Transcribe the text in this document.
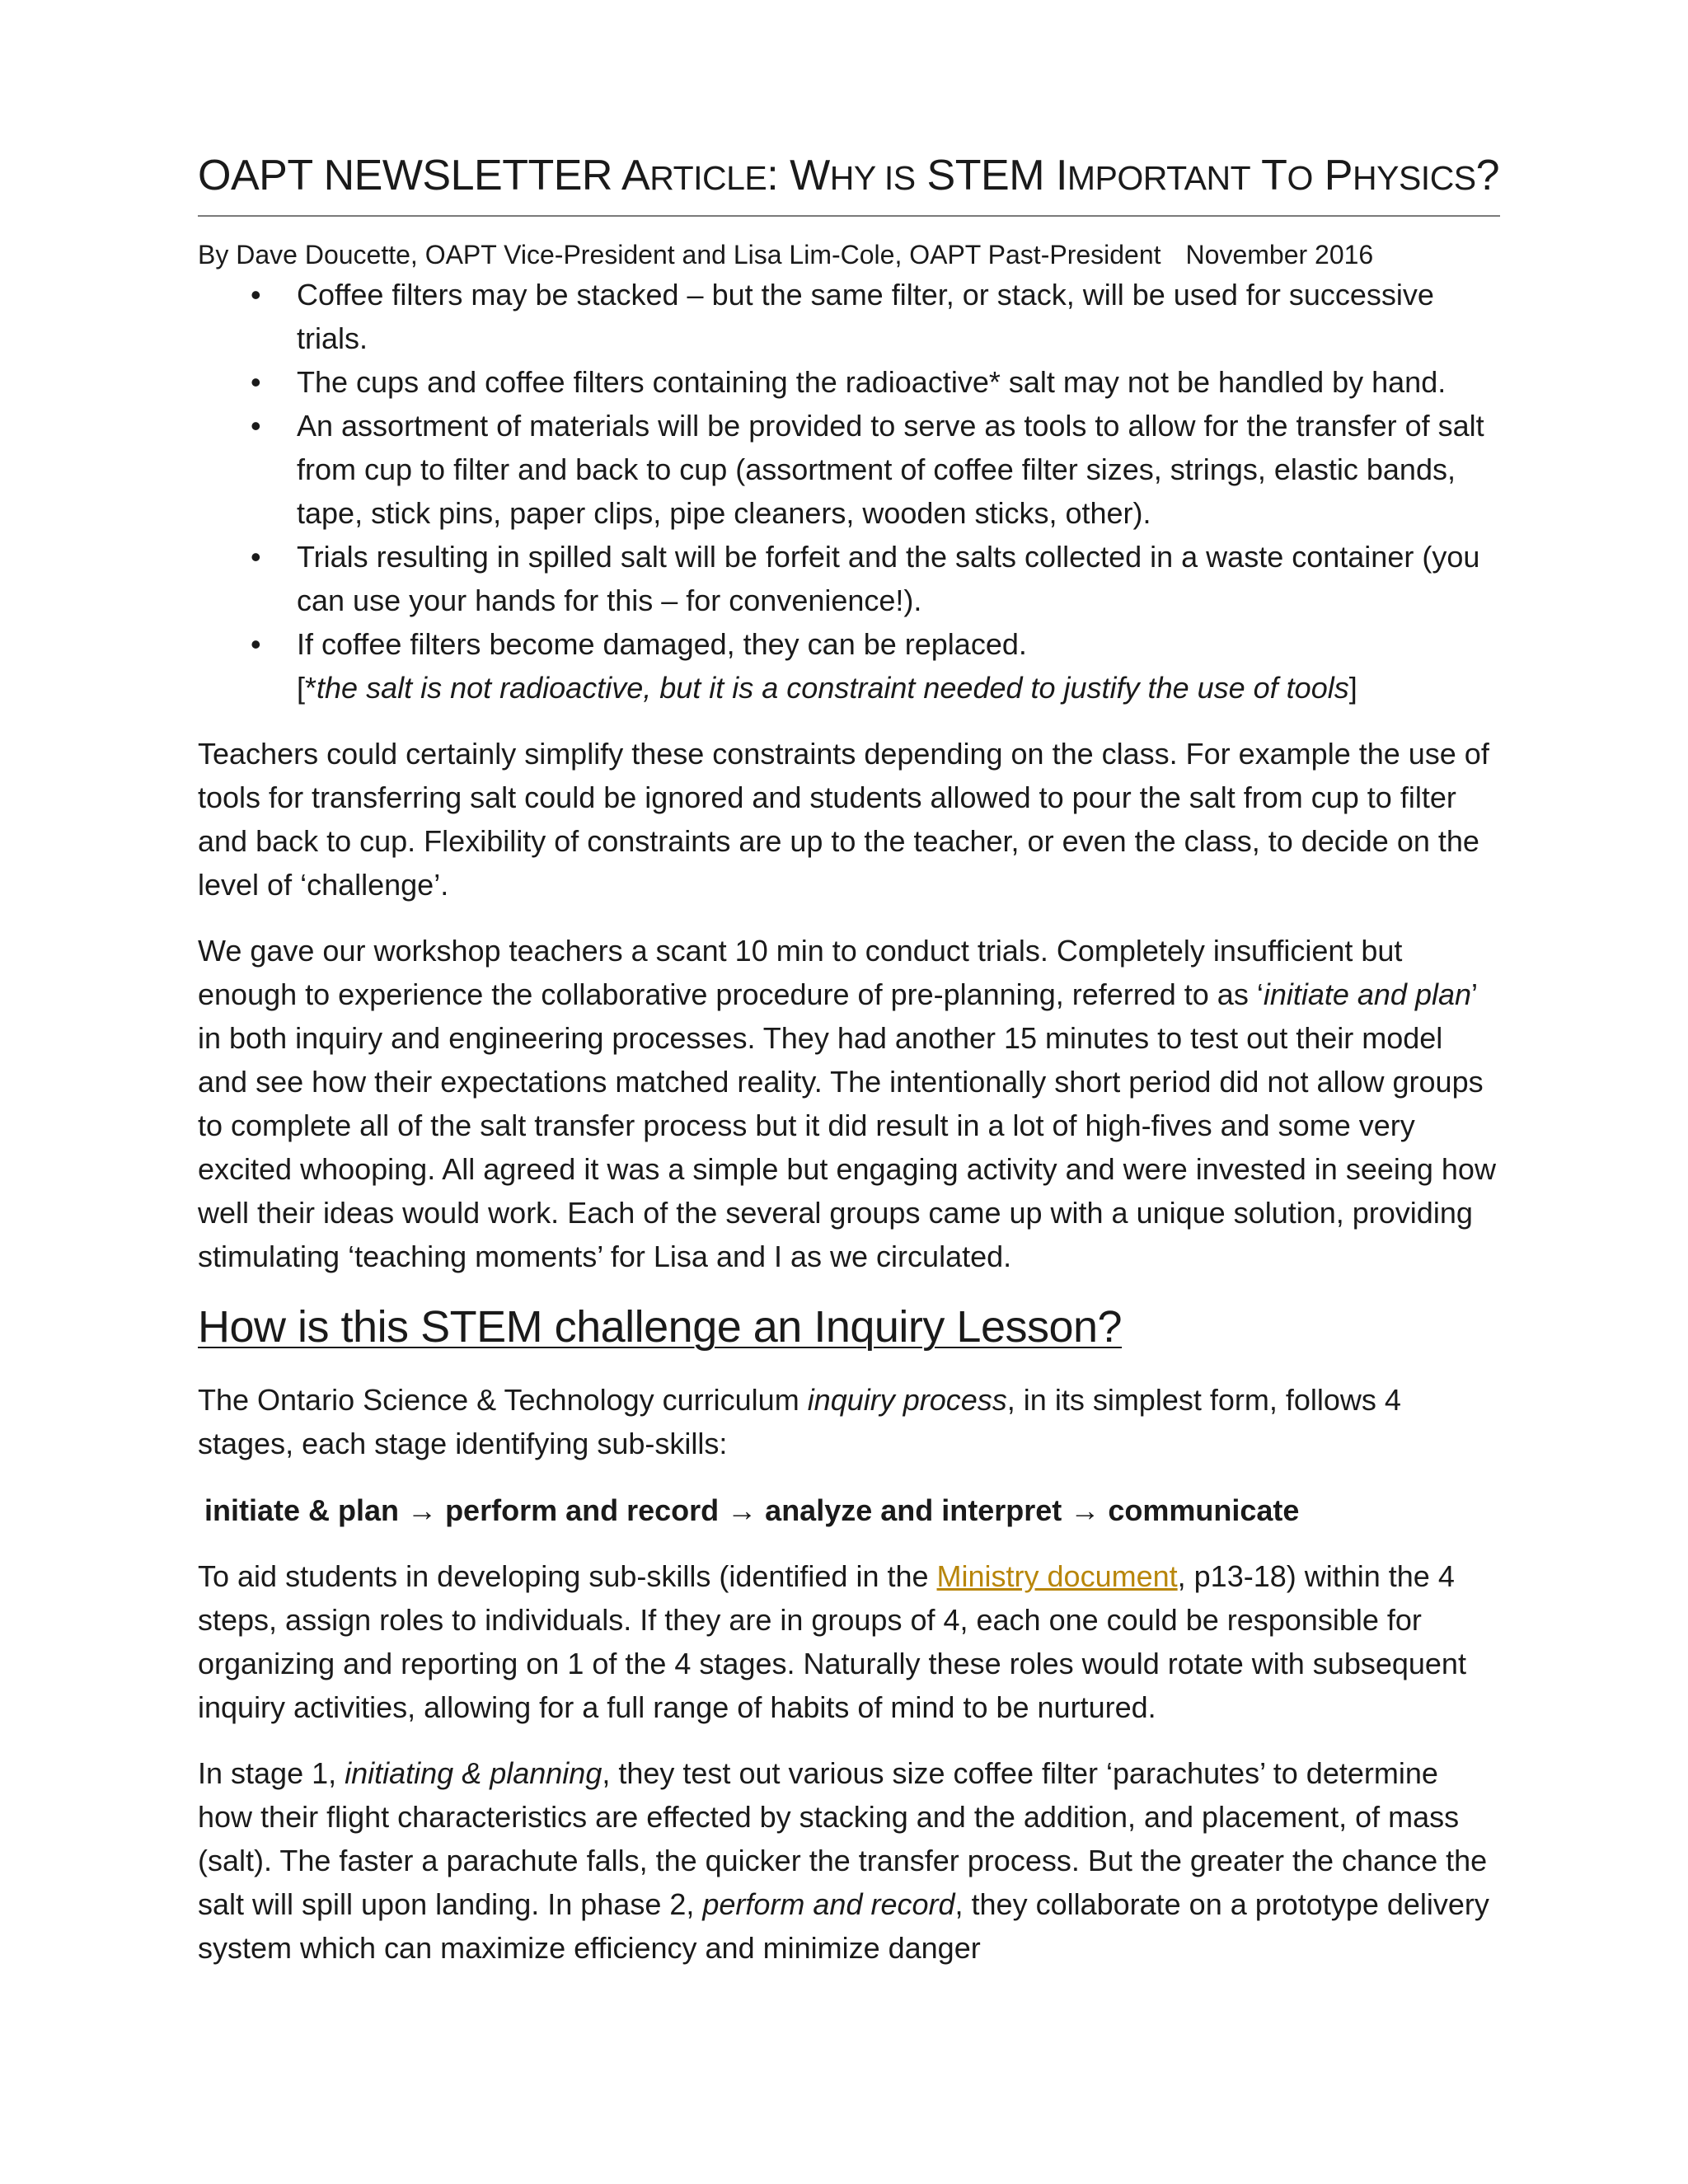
OAPT NEWSLETTER ARTICLE: WHY IS STEM IMPORTANT TO PHYSICS?
By Dave Doucette, OAPT Vice-President and Lisa Lim-Cole, OAPT Past-President November 2016
• Coffee filters may be stacked – but the same filter, or stack, will be used for successive trials.
• The cups and coffee filters containing the radioactive* salt may not be handled by hand.
• An assortment of materials will be provided to serve as tools to allow for the transfer of salt from cup to filter and back to cup (assortment of coffee filter sizes, strings, elastic bands, tape, stick pins, paper clips, pipe cleaners, wooden sticks, other).
• Trials resulting in spilled salt will be forfeit and the salts collected in a waste container (you can use your hands for this – for convenience!).
• If coffee filters become damaged, they can be replaced.
[*the salt is not radioactive, but it is a constraint needed to justify the use of tools]

Teachers could certainly simplify these constraints depending on the class. For example the use of tools for transferring salt could be ignored and students allowed to pour the salt from cup to filter and back to cup. Flexibility of constraints are up to the teacher, or even the class, to decide on the level of ‘challenge’.

We gave our workshop teachers a scant 10 min to conduct trials. Completely insufficient but enough to experience the collaborative procedure of pre-planning, referred to as ‘initiate and plan’ in both inquiry and engineering processes. They had another 15 minutes to test out their model and see how their expectations matched reality. The intentionally short period did not allow groups to complete all of the salt transfer process but it did result in a lot of high-fives and some very excited whooping. All agreed it was a simple but engaging activity and were invested in seeing how well their ideas would work. Each of the several groups came up with a unique solution, providing stimulating ‘teaching moments’ for Lisa and I as we circulated.

How is this STEM challenge an Inquiry Lesson?

The Ontario Science & Technology curriculum inquiry process, in its simplest form, follows 4 stages, each stage identifying sub-skills:

initiate & plan → perform and record → analyze and interpret → communicate

To aid students in developing sub-skills (identified in the Ministry document, p13-18) within the 4 steps, assign roles to individuals. If they are in groups of 4, each one could be responsible for organizing and reporting on 1 of the 4 stages. Naturally these roles would rotate with subsequent inquiry activities, allowing for a full range of habits of mind to be nurtured.

In stage 1, initiating & planning, they test out various size coffee filter ‘parachutes’ to determine how their flight characteristics are effected by stacking and the addition, and placement, of mass (salt). The faster a parachute falls, the quicker the transfer process. But the greater the chance the salt will spill upon landing. In phase 2, perform and record, they collaborate on a prototype delivery system which can maximize efficiency and minimize danger
